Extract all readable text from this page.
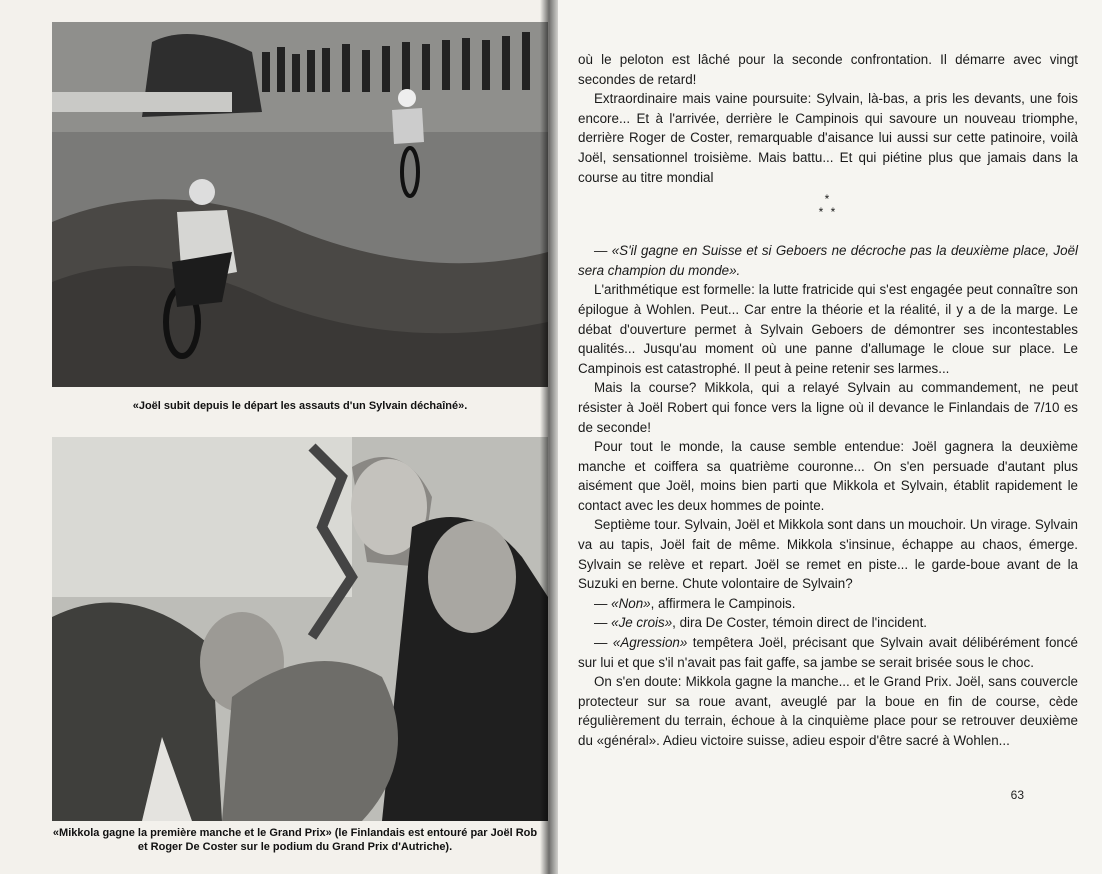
«Joël subit depuis le départ les assauts d'un Sylvain déchaîné».
«Mikkola gagne la première manche et le Grand Prix» (le Finlandais est entouré par Joël Rob
et Roger De Coster sur le podium du Grand Prix d'Autriche).

où le peloton est lâché pour la seconde confrontation. Il démarre avec vingt secondes de retard!

Extraordinaire mais vaine poursuite: Sylvain, là-bas, a pris les devants, une fois encore... Et à l'arrivée, derrière le Campinois qui savoure un nouveau triomphe, derrière Roger de Coster, remarquable d'aisance lui aussi sur cette patinoire, voilà Joël, sensationnel troisième. Mais battu... Et qui piétine plus que jamais dans la course au titre mondial

*
* *

— «S'il gagne en Suisse et si Geboers ne décroche pas la deuxième place, Joël sera champion du monde».

L'arithmétique est formelle: la lutte fratricide qui s'est engagée peut connaître son épilogue à Wohlen. Peut... Car entre la théorie et la réalité, il y a de la marge. Le débat d'ouverture permet à Sylvain Geboers de démontrer ses incontestables qualités... Jusqu'au moment où une panne d'allumage le cloue sur place. Le Campinois est catastrophé. Il peut à peine retenir ses larmes...

Mais la course? Mikkola, qui a relayé Sylvain au commandement, ne peut résister à Joël Robert qui fonce vers la ligne où il devance le Finlandais de 7/10 es de seconde!

Pour tout le monde, la cause semble entendue: Joël gagnera la deuxième manche et coiffera sa quatrième couronne... On s'en persuade d'autant plus aisément que Joël, moins bien parti que Mikkola et Sylvain, établit rapidement le contact avec les deux hommes de pointe.

Septième tour. Sylvain, Joël et Mikkola sont dans un mouchoir. Un virage. Sylvain va au tapis, Joël fait de même. Mikkola s'insinue, échappe au chaos, émerge. Sylvain se relève et repart. Joël se remet en piste... le garde-boue avant de la Suzuki en berne. Chute volontaire de Sylvain?

— «Non», affirmera le Campinois.

— «Je crois», dira De Coster, témoin direct de l'incident.

— «Agression» tempêtera Joël, précisant que Sylvain avait délibérément foncé sur lui et que s'il n'avait pas fait gaffe, sa jambe se serait brisée sous le choc.

On s'en doute: Mikkola gagne la manche... et le Grand Prix. Joël, sans couvercle protecteur sur sa roue avant, aveuglé par la boue en fin de course, cède régulièrement du terrain, échoue à la cinquième place pour se retrouver deuxième du «général». Adieu victoire suisse, adieu espoir d'être sacré à Wohlen...

63
